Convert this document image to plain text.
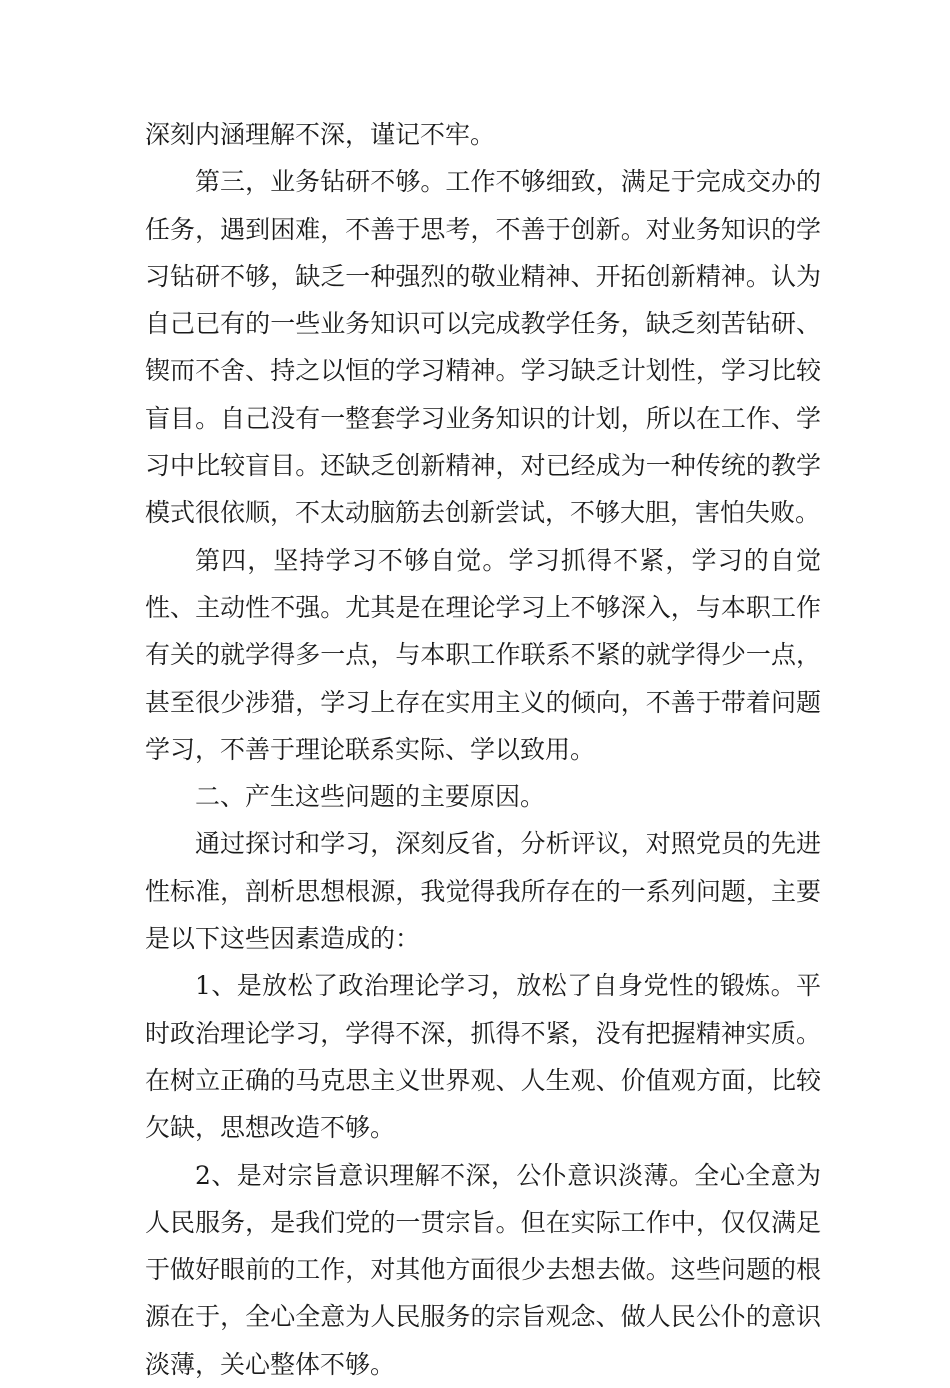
深刻内涵理解不深，谨记不牢。

第三，业务钻研不够。工作不够细致，满足于完成交办的任务，遇到困难，不善于思考，不善于创新。对业务知识的学习钻研不够，缺乏一种强烈的敬业精神、开拓创新精神。认为自己已有的一些业务知识可以完成教学任务，缺乏刻苦钻研、锲而不舍、持之以恒的学习精神。学习缺乏计划性，学习比较盲目。自己没有一整套学习业务知识的计划，所以在工作、学习中比较盲目。还缺乏创新精神，对已经成为一种传统的教学模式很依顺，不太动脑筋去创新尝试，不够大胆，害怕失败。

第四，坚持学习不够自觉。学习抓得不紧，学习的自觉性、主动性不强。尤其是在理论学习上不够深入，与本职工作有关的就学得多一点，与本职工作联系不紧的就学得少一点，甚至很少涉猎，学习上存在实用主义的倾向，不善于带着问题学习，不善于理论联系实际、学以致用。

二、产生这些问题的主要原因。

通过探讨和学习，深刻反省，分析评议，对照党员的先进性标准，剖析思想根源，我觉得我所存在的一系列问题，主要是以下这些因素造成的：

1、是放松了政治理论学习，放松了自身党性的锻炼。平时政治理论学习，学得不深，抓得不紧，没有把握精神实质。在树立正确的马克思主义世界观、人生观、价值观方面，比较欠缺，思想改造不够。

2、是对宗旨意识理解不深，公仆意识淡薄。全心全意为人民服务，是我们党的一贯宗旨。但在实际工作中，仅仅满足于做好眼前的工作，对其他方面很少去想去做。这些问题的根源在于，全心全意为人民服务的宗旨观念、做人民公仆的意识淡薄，关心整体不够。
